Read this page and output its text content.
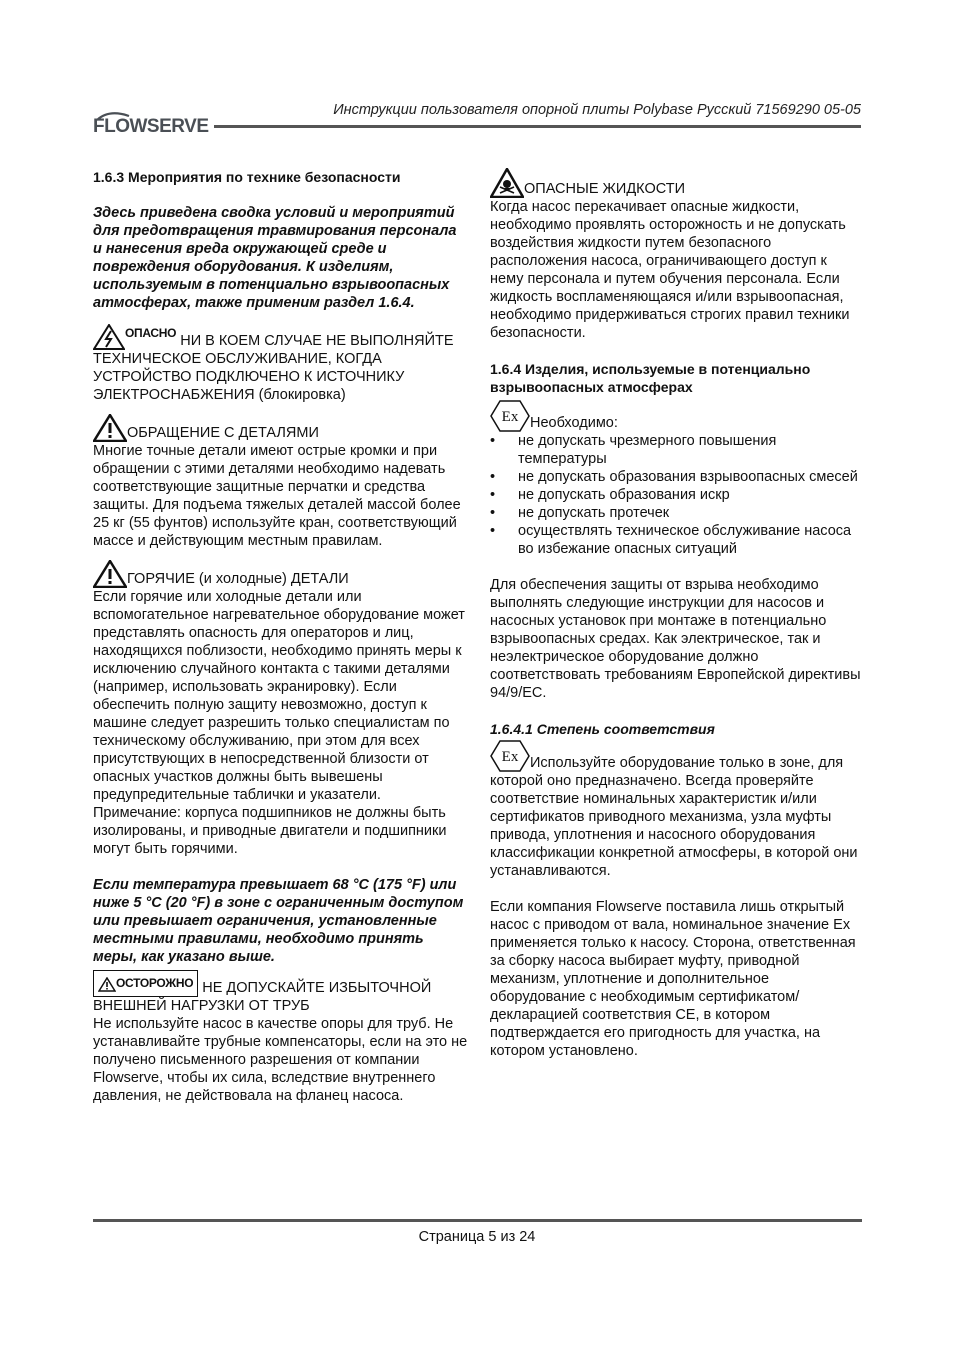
FLOWSERVE
Инструкции пользователя опорной плиты Polybase Русский 71569290 05-05

1.6.3 Мероприятия по технике безопасности

Здесь приведена сводка условий и мероприятий для предотвращения травмирования персонала и нанесения вреда окружающей среде и повреждения оборудования. К изделиям, используемым в потенциально взрывоопасных атмосферах, также применим раздел 1.6.4.

ОПАСНО НИ В КОЕМ СЛУЧАЕ НЕ ВЫПОЛНЯЙТЕ ТЕХНИЧЕСКОЕ ОБСЛУЖИВАНИЕ, КОГДА УСТРОЙСТВО ПОДКЛЮЧЕНО К ИСТОЧНИКУ ЭЛЕКТРОСНАБЖЕНИЯ (блокировка)
ОБРАЩЕНИЕ С ДЕТАЛЯМИ

Многие точные детали имеют острые кромки и при обращении с этими деталями необходимо надевать соответствующие защитные перчатки и средства защиты. Для подъема тяжелых деталей массой более 25 кг (55 фунтов) используйте кран, соответствующий массе и действующим местным правилам.

ГОРЯЧИЕ (и холодные) ДЕТАЛИ

Если горячие или холодные детали или вспомогательное нагревательное оборудование может представлять опасность для операторов и лиц, находящихся поблизости, необходимо принять меры к исключению случайного контакта с такими деталями (например, использовать экранировку). Если обеспечить полную защиту невозможно, доступ к машине следует разрешить только специалистам по техническому обслуживанию, при этом для всех присутствующих в непосредственной близости от опасных участков должны быть вывешены предупредительные таблички и указатели.

Примечание: корпуса подшипников не должны быть изолированы, и приводные двигатели и подшипники могут быть горячими.

Если температура превышает 68 °C (175 °F) или ниже 5 °C (20 °F) в зоне с ограниченным доступом или превышает ограничения, установленные местными правилами, необходимо принять меры, как указано выше.

ОСТОРОЖНО НЕ ДОПУСКАЙТЕ ИЗБЫТОЧНОЙ ВНЕШНЕЙ НАГРУЗКИ ОТ ТРУБ

Не используйте насос в качестве опоры для труб. Не устанавливайте трубные компенсаторы, если на это не получено письменного разрешения от компании Flowserve, чтобы их сила, вследствие внутреннего давления, не действовала на фланец насоса.

ОПАСНЫЕ ЖИДКОСТИ

Когда насос перекачивает опасные жидкости, необходимо проявлять осторожность и не допускать воздействия жидкости путем безопасного расположения насоса, ограничивающего доступ к нему персонала и путем обучения персонала. Если жидкость воспламеняющаяся и/или взрывоопасная, необходимо придерживаться строгих правил техники безопасности.

1.6.4 Изделия, используемые в потенциально взрывоопасных атмосферах

Ex Необходимо:
• не допускать чрезмерного повышения температуры
• не допускать образования взрывоопасных смесей
• не допускать образования искр
• не допускать протечек
• осуществлять техническое обслуживание насоса во избежание опасных ситуаций

Для обеспечения защиты от взрыва необходимо выполнять следующие инструкции для насосов и насосных установок при монтаже в потенциально взрывоопасных средах. Как электрическое, так и неэлектрическое оборудование должно соответствовать требованиям Европейской директивы 94/9/EC.

1.6.4.1 Степень соответствия

Ex Используйте оборудование только в зоне, для которой оно предназначено. Всегда проверяйте соответствие номинальных характеристик и/или сертификатов приводного механизма, узла муфты привода, уплотнения и насосного оборудования классификации конкретной атмосферы, в которой они устанавливаются.

Если компания Flowserve поставила лишь открытый насос с приводом от вала, номинальное значение Ex применяется только к насосу. Сторона, ответственная за сборку насоса выбирает муфту, приводной механизм, уплотнение и дополнительное оборудование с необходимым сертификатом/декларацией соответствия CE, в котором подтверждается его пригодность для участка, на котором установлено.

Страница 5 из 24
